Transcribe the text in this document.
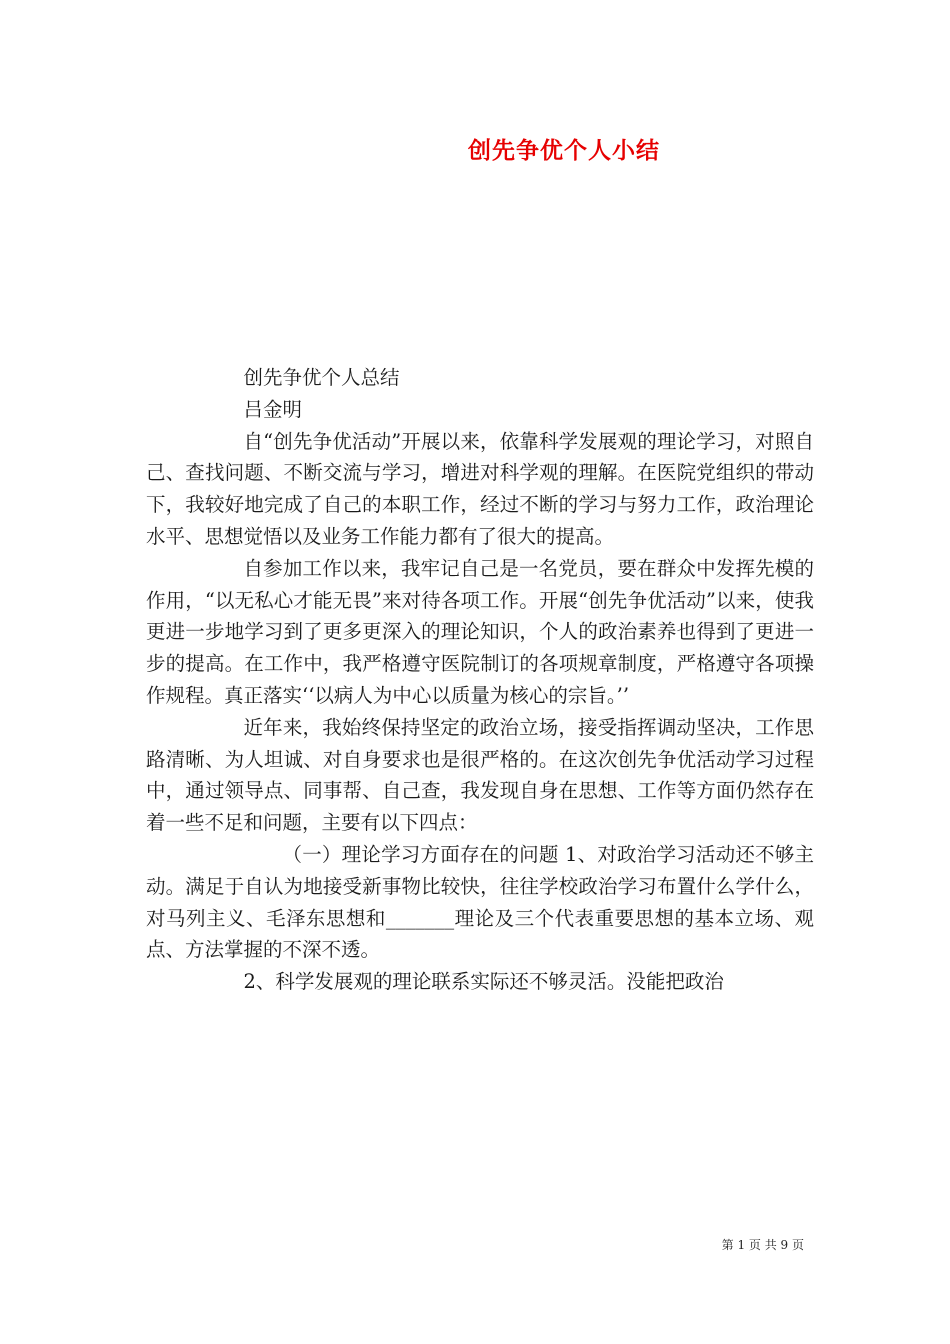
创先争优个人小结

创先争优个人总结

吕金明

自“创先争优活动”开展以来，依靠科学发展观的理论学习，对照自己、查找问题、不断交流与学习，增进对科学观的理解。在医院党组织的带动下，我较好地完成了自己的本职工作，经过不断的学习与努力工作，政治理论水平、思想觉悟以及业务工作能力都有了很大的提高。

自参加工作以来，我牢记自己是一名党员，要在群众中发挥先模的作用，“以无私心才能无畏”来对待各项工作。开展“创先争优活动”以来，使我更进一步地学习到了更多更深入的理论知识，个人的政治素养也得到了更进一步的提高。在工作中，我严格遵守医院制订的各项规章制度，严格遵守各项操作规程。真正落实‘‘以病人为中心以质量为核心的宗旨。’’

近年来，我始终保持坚定的政治立场，接受指挥调动坚决，工作思路清晰、为人坦诚、对自身要求也是很严格的。在这次创先争优活动学习过程中，通过领导点、同事帮、自己查，我发现自身在思想、工作等方面仍然存在着一些不足和问题，主要有以下四点：

（一）理论学习方面存在的问题 1、对政治学习活动还不够主动。满足于自认为地接受新事物比较快，往往学校政治学习布置什么学什么，对马列主义、毛泽东思想和_______理论及三个代表重要思想的基本立场、观点、方法掌握的不深不透。

2、科学发展观的理论联系实际还不够灵活。没能把政治

第 1 页 共 9 页
